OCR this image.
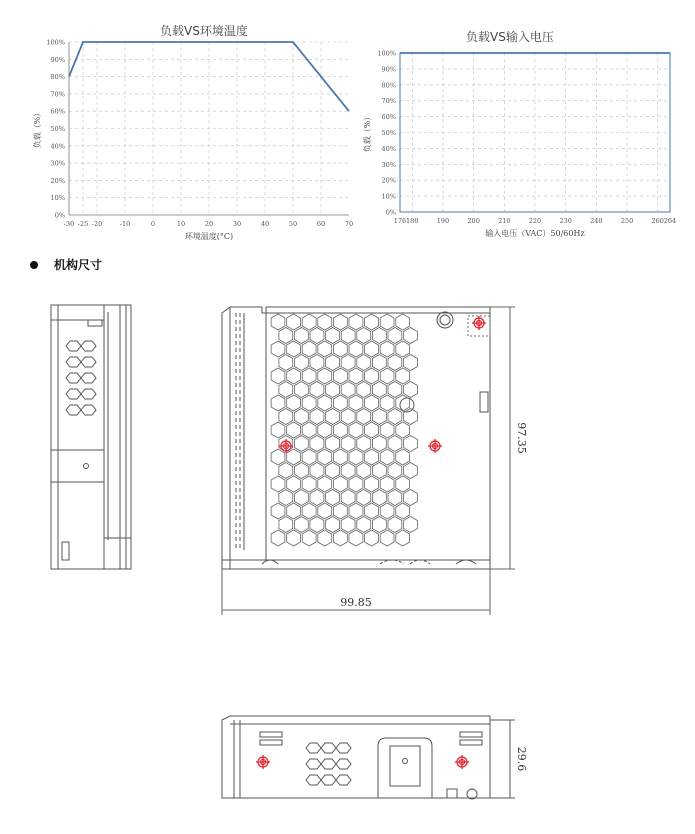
负载VS环境温度
0%
10%
20%
30%
40%
50%
60%
70%
80%
90%
100%
-30 -25 -20	-10	0	10	20	30	40	50	60	70
环境温度(°C)
负载（%）
负载VS输入电压
0%
10%
20%
30%
40%
50%
60%
70%
80%
90%
100%
176 180	190	200	210	220	230	240	250	260 264
输入电压（VAC）50/60Hz
负载（%）
机构尺寸
99.85
97.35
29.6
